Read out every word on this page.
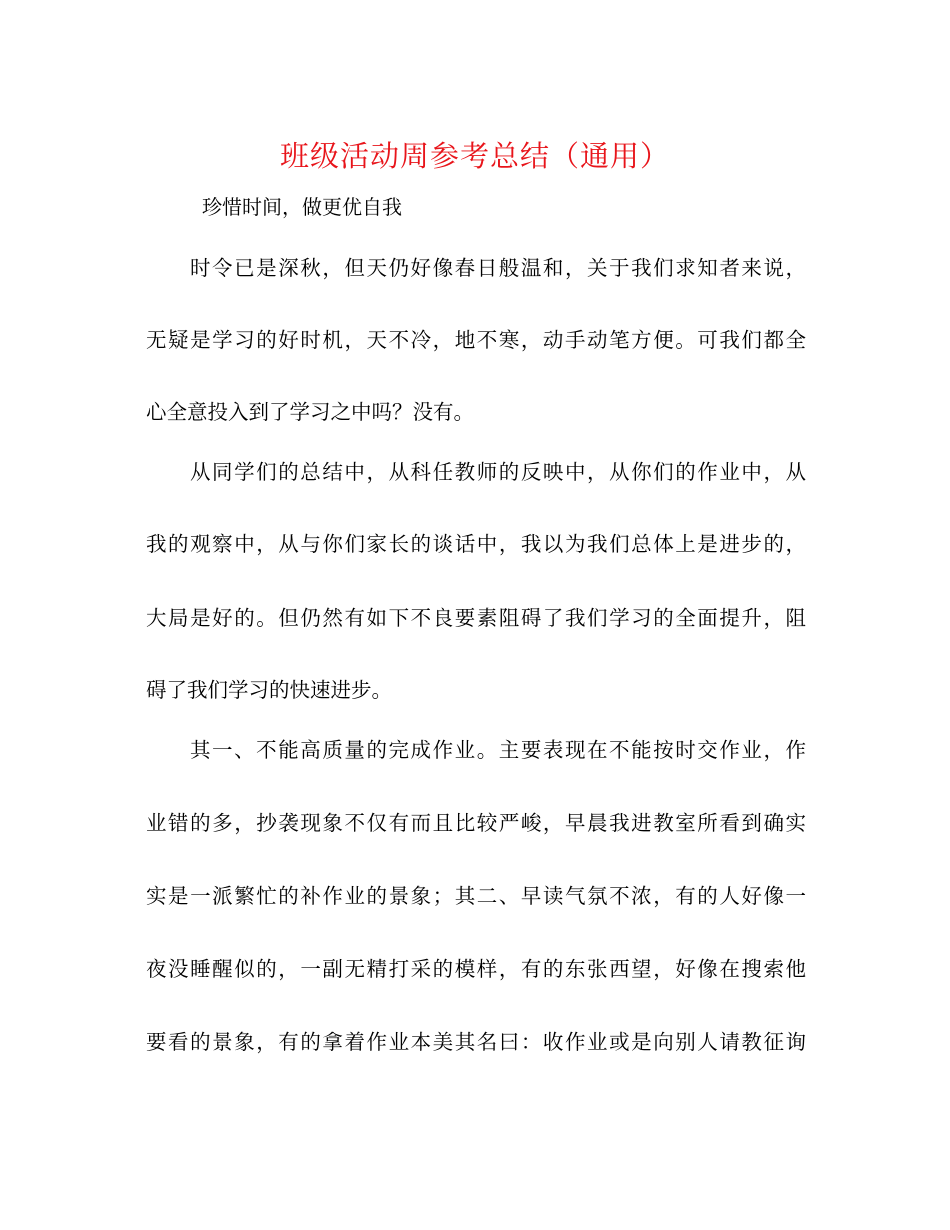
班级活动周参考总结（通用）
珍惜时间，做更优自我
时令已是深秋，但天仍好像春日般温和，关于我们求知者来说，
无疑是学习的好时机，天不冷，地不寒，动手动笔方便。可我们都全
心全意投入到了学习之中吗？没有。
从同学们的总结中，从科任教师的反映中，从你们的作业中，从
我的观察中，从与你们家长的谈话中，我以为我们总体上是进步的，
大局是好的。但仍然有如下不良要素阻碍了我们学习的全面提升，阻
碍了我们学习的快速进步。
其一、不能高质量的完成作业。主要表现在不能按时交作业，作
业错的多，抄袭现象不仅有而且比较严峻，早晨我进教室所看到确实
实是一派繁忙的补作业的景象；其二、早读气氛不浓，有的人好像一
夜没睡醒似的，一副无精打采的模样，有的东张西望，好像在搜索他
要看的景象，有的拿着作业本美其名曰：收作业或是向别人请教征询
